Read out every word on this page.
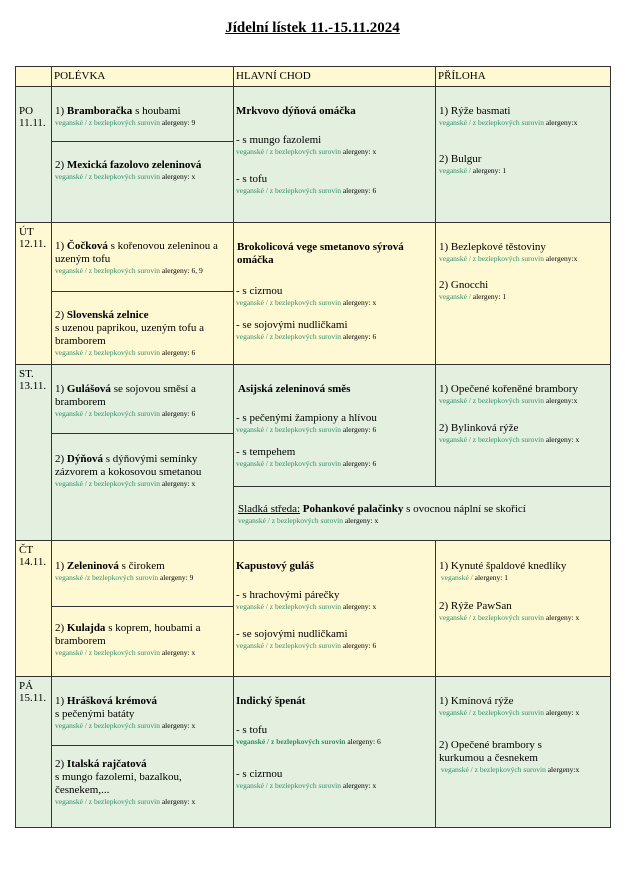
Jídelní lístek 11.-15.11.2024
POLÉVKA	HLAVNÍ CHOD	PŘÍLOHA
PO
11.11.
1) Bramboračka s houbami
veganské / z bezlepkových surovin alergeny: 9
2) Mexická fazolovo zeleninová
veganské / z bezlepkových surovin alergeny: x
Mrkvovo dýňová omáčka
- s mungo fazolemi
veganské / z bezlepkových surovin alergeny: x
- s tofu
veganské / z bezlepkových surovin alergeny: 6
1) Rýže basmati
veganské / z bezlepkových surovin alergeny:x
2) Bulgur
veganské / alergeny: 1
ÚT
12.11. 1) Čočková s kořenovou zeleninou a uzeným tofu
veganské / z bezlepkových surovin alergeny: 6, 9
2) Slovenská zelnice
s uzenou paprikou, uzeným tofu a bramborem
veganské / z bezlepkových surovin alergeny: 6
Brokolicová vege smetanovo sýrová omáčka
- s cizrnou
veganské / z bezlepkových surovin alergeny: x
- se sojovými nudličkami
veganské / z bezlepkových surovin alergeny: 6
1) Bezlepkové těstoviny
veganské / z bezlepkových surovin alergeny:x
2) Gnocchi
veganské / alergeny: 1
ST.
13.11. 1) Gulášová se sojovou směsí a bramborem
veganské / z bezlepkových surovin alergeny: 6
2) Dýňová s dýňovými semínky zázvorem a kokosovou smetanou
veganské / z bezlepkových surovin alergeny: x
Asijská zeleninová směs
- s pečenými žampiony a hlívou
veganské / z bezlepkových surovin alergeny: 6
- s tempehem
veganské / z bezlepkových surovin alergeny: 6
1) Opečené kořeněné brambory
veganské / z bezlepkových surovin alergeny:x
2) Bylinková rýže
veganské / z bezlepkových surovin alergeny: x
Sladká středa: Pohankové palačinky s ovocnou náplní se skořicí
veganské / z bezlepkových surovin alergeny: x
ČT
14.11. 1) Zeleninová s čirokem
veganské /z bezlepkových surovin alergeny: 9
2) Kulajda s koprem, houbami a bramborem
veganské / z bezlepkových surovin alergeny: x
Kapustový guláš
- s hrachovými párečky
veganské / z bezlepkových surovin alergeny: x
- se sojovými nudličkami
veganské / z bezlepkových surovin alergeny: 6
1) Kynuté špaldové knedlíky
veganské / alergeny: 1
2) Rýže PawSan
veganské / z bezlepkových surovin alergeny: x
PÁ
15.11. 1) Hrášková krémová
s pečenými batáty
veganské / z bezlepkových surovin alergeny: x
2) Italská rajčatová
s mungo fazolemi, bazalkou, česnekem,...
veganské / z bezlepkových surovin alergeny: x
Indický špenát
- s tofu
veganské / z bezlepkových surovin alergeny: 6
- s cizrnou
veganské / z bezlepkových surovin alergeny: x
1) Kmínová rýže
veganské / z bezlepkových surovin alergeny: x
2) Opečené brambory s kurkumou a česnekem
veganské / z bezlepkových surovin alergeny:x
